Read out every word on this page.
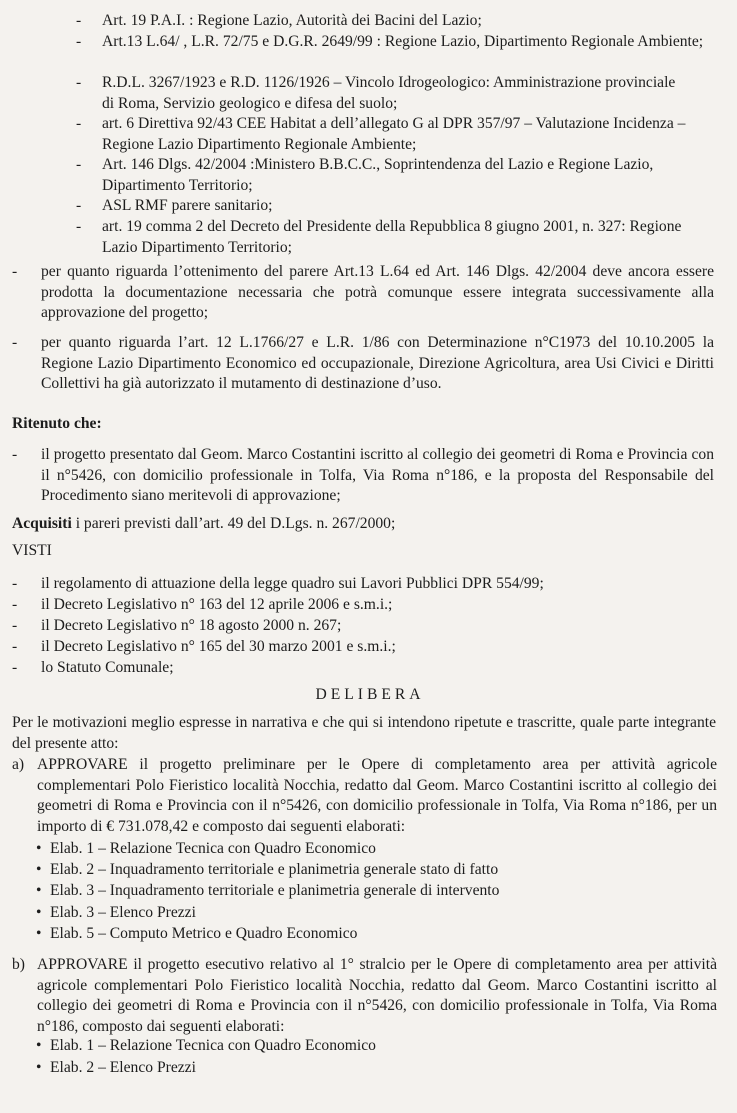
- Art. 19 P.A.I. : Regione Lazio, Autorità dei Bacini del Lazio;

- Art.13 L.64/ , L.R. 72/75 e D.G.R. 2649/99 : Regione Lazio, Dipartimento Regionale Ambiente;

- R.D.L. 3267/1923 e R.D. 1126/1926 – Vincolo Idrogeologico: Amministrazione provinciale di Roma, Servizio geologico e difesa del suolo;

- art. 6 Direttiva 92/43 CEE Habitat a dell’allegato G al DPR 357/97 – Valutazione Incidenza – Regione Lazio Dipartimento Regionale Ambiente;

- Art. 146 Dlgs. 42/2004 :Ministero B.B.C.C., Soprintendenza del Lazio e Regione Lazio, Dipartimento Territorio;

- ASL RMF parere sanitario;

- art. 19 comma 2 del Decreto del Presidente della Repubblica 8 giugno 2001, n. 327: Regione Lazio Dipartimento Territorio;

- per quanto riguarda l’ottenimento del parere Art.13 L.64 ed Art. 146 Dlgs. 42/2004 deve ancora essere prodotta la documentazione necessaria che potrà comunque essere integrata successivamente alla approvazione del progetto;

- per quanto riguarda l’art. 12 L.1766/27 e L.R. 1/86 con Determinazione n°C1973 del 10.10.2005 la Regione Lazio Dipartimento Economico ed occupazionale, Direzione Agricoltura, area Usi Civici e Diritti Collettivi ha già autorizzato il mutamento di destinazione d’uso.

Ritenuto che:

- il progetto presentato dal Geom. Marco Costantini iscritto al collegio dei geometri di Roma e Provincia con il n°5426, con domicilio professionale in Tolfa, Via Roma n°186, e la proposta del Responsabile del Procedimento siano meritevoli di approvazione;

Acquisiti i pareri previsti dall’art. 49 del D.Lgs. n. 267/2000;

VISTI

- il regolamento di attuazione della legge quadro sui Lavori Pubblici DPR 554/99;

- il Decreto Legislativo n° 163 del 12 aprile 2006 e s.m.i.;

- il Decreto Legislativo n° 18 agosto 2000 n. 267;

- il Decreto Legislativo n° 165 del 30 marzo 2001 e s.m.i.;

- lo Statuto Comunale;

DELIBERA

Per le motivazioni meglio espresse in narrativa e che qui si intendono ripetute e trascritte, quale parte integrante del presente atto:

a) APPROVARE il progetto preliminare per le Opere di completamento area per attività agricole complementari Polo Fieristico località Nocchia, redatto dal Geom. Marco Costantini iscritto al collegio dei geometri di Roma e Provincia con il n°5426, con domicilio professionale in Tolfa, Via Roma n°186, per un importo di € 731.078,42 e composto dai seguenti elaborati:

• Elab. 1 – Relazione Tecnica con Quadro Economico

• Elab. 2 – Inquadramento territoriale e planimetria generale stato di fatto

• Elab. 3 – Inquadramento territoriale e planimetria generale di intervento

• Elab. 3 – Elenco Prezzi

• Elab. 5 – Computo Metrico e Quadro Economico

b) APPROVARE il progetto esecutivo relativo al 1° stralcio per le Opere di completamento area per attività agricole complementari Polo Fieristico località Nocchia, redatto dal Geom. Marco Costantini iscritto al collegio dei geometri di Roma e Provincia con il n°5426, con domicilio professionale in Tolfa, Via Roma n°186, composto dai seguenti elaborati:

• Elab. 1 – Relazione Tecnica con Quadro Economico

• Elab. 2 – Elenco Prezzi
